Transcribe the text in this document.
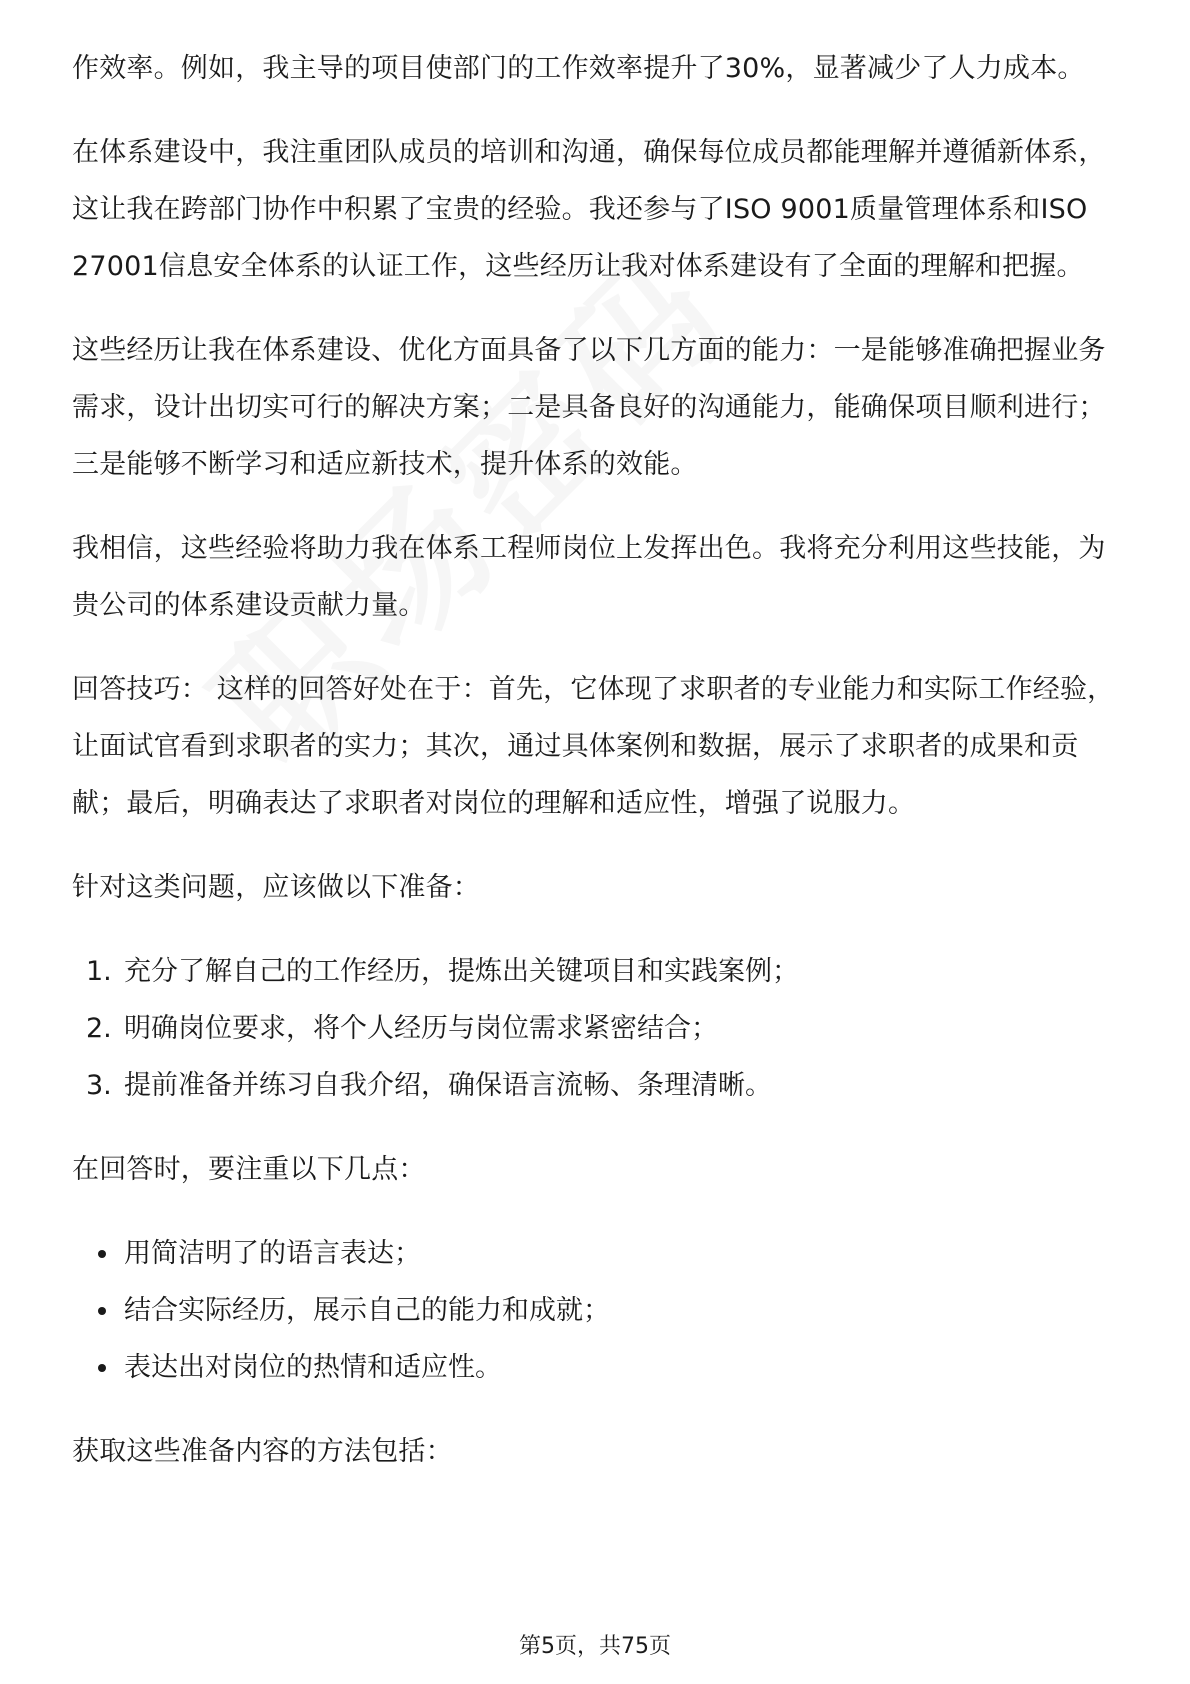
作效率。例如，我主导的项目使部门的工作效率提升了30%，显著减少了人力成本。

在体系建设中，我注重团队成员的培训和沟通，确保每位成员都能理解并遵循新体系，这让我在跨部门协作中积累了宝贵的经验。我还参与了ISO 9001质量管理体系和ISO 27001信息安全体系的认证工作，这些经历让我对体系建设有了全面的理解和把握。

这些经历让我在体系建设、优化方面具备了以下几方面的能力：一是能够准确把握业务需求，设计出切实可行的解决方案；二是具备良好的沟通能力，能确保项目顺利进行；三是能够不断学习和适应新技术，提升体系的效能。

我相信，这些经验将助力我在体系工程师岗位上发挥出色。我将充分利用这些技能，为贵公司的体系建设贡献力量。

回答技巧： 这样的回答好处在于：首先，它体现了求职者的专业能力和实际工作经验，让面试官看到求职者的实力；其次，通过具体案例和数据，展示了求职者的成果和贡献；最后，明确表达了求职者对岗位的理解和适应性，增强了说服力。

针对这类问题，应该做以下准备：

1. 充分了解自己的工作经历，提炼出关键项目和实践案例；
2. 明确岗位要求，将个人经历与岗位需求紧密结合；
3. 提前准备并练习自我介绍，确保语言流畅、条理清晰。

在回答时，要注重以下几点：

用简洁明了的语言表达；
结合实际经历，展示自己的能力和成就；
表达出对岗位的热情和适应性。

获取这些准备内容的方法包括：

第5页，共75页
